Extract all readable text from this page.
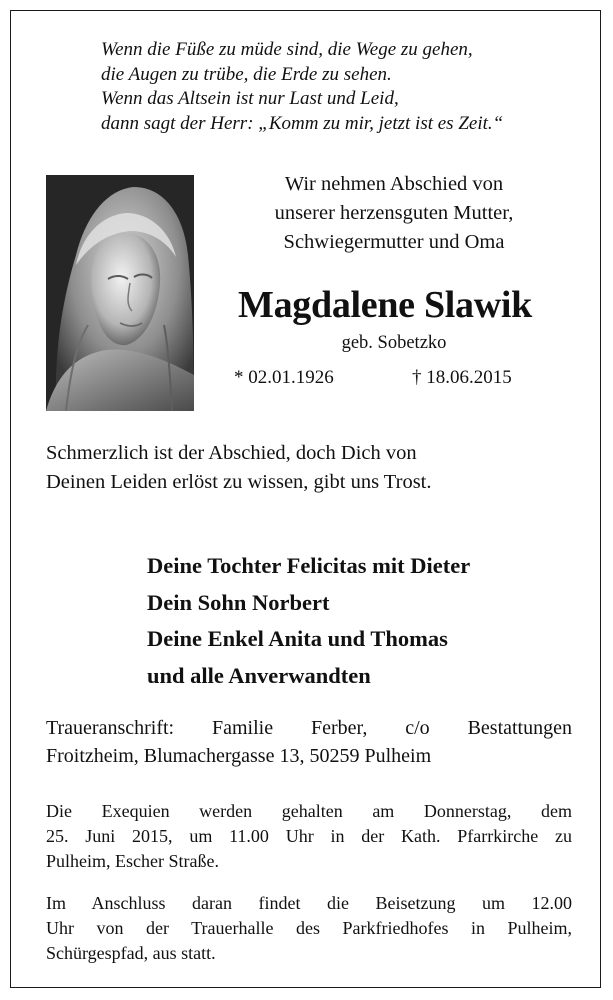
Wenn die Füße zu müde sind, die Wege zu gehen,
die Augen zu trübe, die Erde zu sehen.
Wenn das Altsein ist nur Last und Leid,
dann sagt der Herr: „Komm zu mir, jetzt ist es Zeit.“
Wir nehmen Abschied von
unserer herzensguten Mutter,
Schwiegermutter und Oma
Magdalene Slawik
geb. Sobetzko
* 02.01.1926	† 18.06.2015
Schmerzlich ist der Abschied, doch Dich von
Deinen Leiden erlöst zu wissen, gibt uns Trost.
Deine Tochter Felicitas mit Dieter
Dein Sohn Norbert
Deine Enkel Anita und Thomas
und alle Anverwandten
Traueranschrift: Familie Ferber, c/o Bestattungen
Froitzheim, Blumachergasse 13, 50259 Pulheim
Die Exequien werden gehalten am Donnerstag, dem
25. Juni 2015, um 11.00 Uhr in der Kath. Pfarrkirche zu
Pulheim, Escher Straße.
Im Anschluss daran findet die Beisetzung um 12.00
Uhr von der Trauerhalle des Parkfriedhofes in Pulheim,
Schürgespfad, aus statt.
